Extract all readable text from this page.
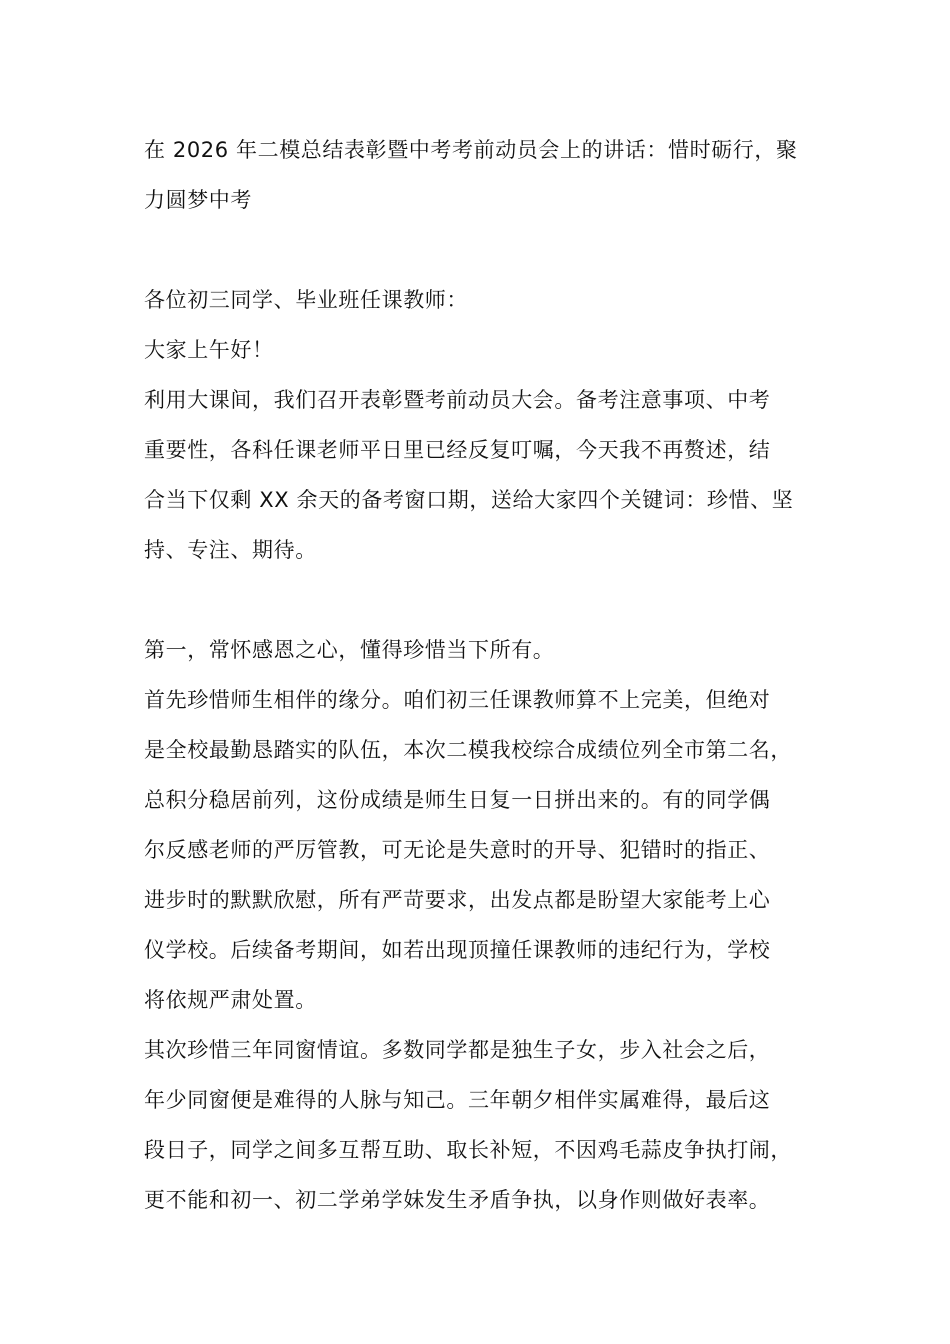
在 2026 年二模总结表彰暨中考考前动员会上的讲话：惜时砺行，聚
力圆梦中考
各位初三同学、毕业班任课教师：
大家上午好！
利用大课间，我们召开表彰暨考前动员大会。备考注意事项、中考
重要性，各科任课老师平日里已经反复叮嘱，今天我不再赘述，结
合当下仅剩 XX 余天的备考窗口期，送给大家四个关键词：珍惜、坚
持、专注、期待。
第一，常怀感恩之心，懂得珍惜当下所有。
首先珍惜师生相伴的缘分。咱们初三任课教师算不上完美，但绝对
是全校最勤恳踏实的队伍，本次二模我校综合成绩位列全市第二名，
总积分稳居前列，这份成绩是师生日复一日拼出来的。有的同学偶
尔反感老师的严厉管教，可无论是失意时的开导、犯错时的指正、
进步时的默默欣慰，所有严苛要求，出发点都是盼望大家能考上心
仪学校。后续备考期间，如若出现顶撞任课教师的违纪行为，学校
将依规严肃处置。
其次珍惜三年同窗情谊。多数同学都是独生子女，步入社会之后，
年少同窗便是难得的人脉与知己。三年朝夕相伴实属难得，最后这
段日子，同学之间多互帮互助、取长补短，不因鸡毛蒜皮争执打闹，
更不能和初一、初二学弟学妹发生矛盾争执，以身作则做好表率。
